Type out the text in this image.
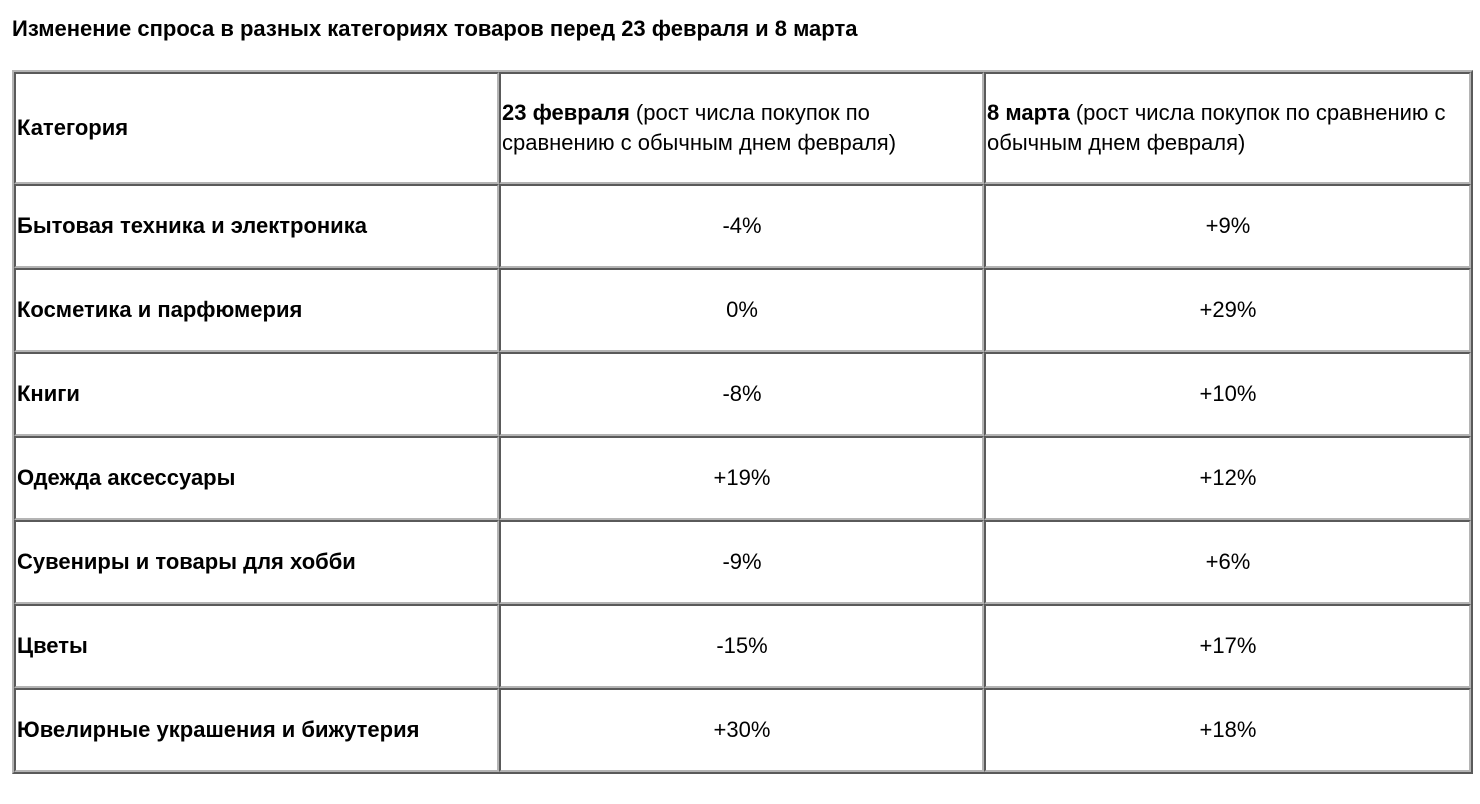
Изменение спроса в разных категориях товаров перед 23 февраля и 8 марта
Категория	23 февраля (рост числа покупок по сравнению с обычным днем февраля)	8 марта (рост числа покупок по сравнению с обычным днем февраля)
Бытовая техника и электроника	-4%	+9%
Косметика и парфюмерия	0%	+29%
Книги	-8%	+10%
Одежда аксессуары	+19%	+12%
Сувениры и товары для хобби	-9%	+6%
Цветы	-15%	+17%
Ювелирные украшения и бижутерия	+30%	+18%
